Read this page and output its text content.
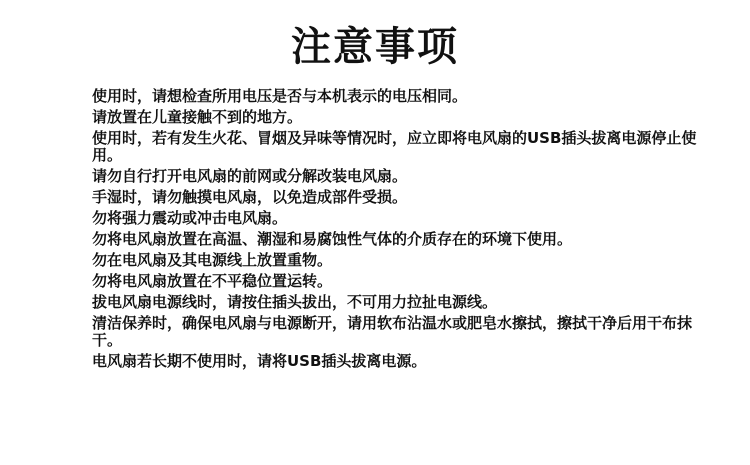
注意事项
使用时，请想检查所用电压是否与本机表示的电压相同。
请放置在儿童接触不到的地方。
使用时，若有发生火花、冒烟及异味等情况时，应立即将电风扇的USB插头拔离电源停止使用。
请勿自行打开电风扇的前网或分解改装电风扇。
手湿时，请勿触摸电风扇，以免造成部件受损。
勿将强力震动或冲击电风扇。
勿将电风扇放置在高温、潮湿和易腐蚀性气体的介质存在的环境下使用。
勿在电风扇及其电源线上放置重物。
勿将电风扇放置在不平稳位置运转。
拔电风扇电源线时，请按住插头拔出，不可用力拉扯电源线。
清洁保养时，确保电风扇与电源断开，请用软布沾温水或肥皂水擦拭，擦拭干净后用干布抹干。
电风扇若长期不使用时，请将USB插头拔离电源。
